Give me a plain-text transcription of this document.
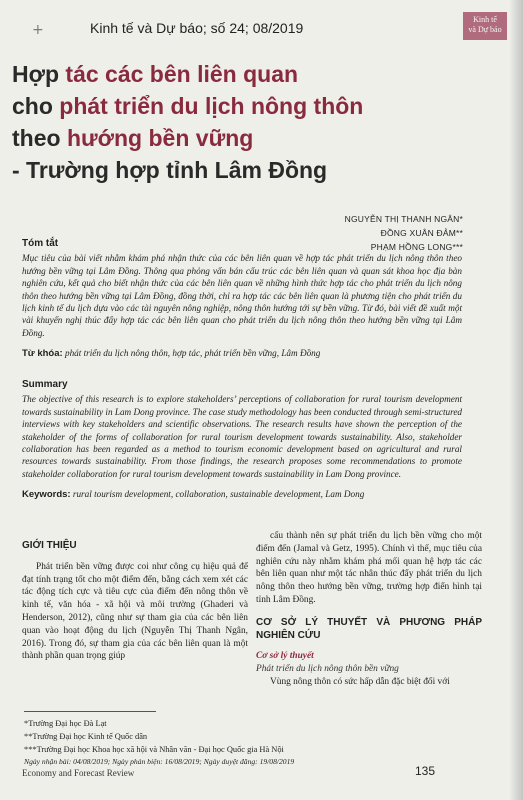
+	Kinh tế và Dự báo; số 24; 08/2019
Kinh tế
và Dự báo
Hợp tác các bên liên quan
cho phát triển du lịch nông thôn
theo hướng bền vững
- Trường hợp tỉnh Lâm Đồng
NGUYỄN THỊ THANH NGÂN*
ĐỒNG XUÂN ĐẢM**
PHẠM HỒNG LONG***
Tóm tắt
Mục tiêu của bài viết nhằm khám phá nhận thức của các bên liên quan về hợp tác phát triển du lịch nông thôn theo hướng bền vững tại Lâm Đồng. Thông qua phỏng vấn bán cấu trúc các bên liên quan và quan sát khoa học địa bàn nghiên cứu, kết quả cho biết nhận thức của các bên liên quan về những hình thức hợp tác cho phát triển du lịch nông thôn theo hướng bền vững tại Lâm Đồng, đồng thời, chỉ ra hợp tác các bên liên quan là phương tiện cho phát triển du lịch kinh tế du lịch dựa vào các tài nguyên nông nghiệp, nông thôn hướng tới sự bền vững. Từ đó, bài viết đề xuất một vài khuyến nghị thúc đẩy hợp tác các bên liên quan cho phát triển du lịch nông thôn theo hướng bền vững tại Lâm Đồng.
Từ khóa: phát triển du lịch nông thôn, hợp tác, phát triển bền vững, Lâm Đồng
Summary
The objective of this research is to explore stakeholders’ perceptions of collaboration for rural tourism development towards sustainability in Lam Dong province. The case study methodology has been conducted through semi-structured interviews with key stakeholders and scientific observations. The research results have shown the perception of the stakeholder of the forms of collaboration for rural tourism development towards sustainability. Also, stakeholder collaboration has been regarded as a method to tourism economic development based on agricultural and rural resources towards sustainability. From those findings, the research proposes some recommendations to promote stakeholder collaboration for rural tourism development towards sustainability in Lam Dong province.
Keywords: rural tourism development, collaboration, sustainable development, Lam Dong
GIỚI THIỆU

Phát triển bền vững được coi như công cụ hiệu quả để đạt tính trạng tốt cho một điểm đến, bằng cách xem xét các tác động tích cực và tiêu cực của điểm đến nông thôn về kinh tế, văn hóa - xã hội và môi trường (Ghaderi và Henderson, 2012), cũng như sự tham gia của các bên liên quan vào hoạt động du lịch (Nguyễn Thị Thanh Ngân, 2016). Trong đó, sự tham gia của các bên liên quan là một thành phần quan trọng giúp

cấu thành nên sự phát triển du lịch bền vững cho một điểm đến (Jamal và Getz, 1995). Chính vì thế, mục tiêu của nghiên cứu này nhằm khám phá mối quan hệ hợp tác các bên liên quan như một tác nhân thúc đẩy phát triển du lịch nông thôn theo hướng bền vững, trường hợp điển hình tại tỉnh Lâm Đồng.

CƠ SỞ LÝ THUYẾT VÀ PHƯƠNG PHÁP NGHIÊN CỨU

Cơ sở lý thuyết

Phát triển du lịch nông thôn bền vững

Vùng nông thôn có sức hấp dẫn đặc biệt đối với

*Trường Đại học Đà Lạt
**Trường Đại học Kinh tế Quốc dân
***Trường Đại học Khoa học xã hội và Nhân văn - Đại học Quốc gia Hà Nội
Ngày nhận bài: 04/08/2019; Ngày phản biện: 16/08/2019; Ngày duyệt đăng: 19/08/2019
Economy and Forecast Review	135
